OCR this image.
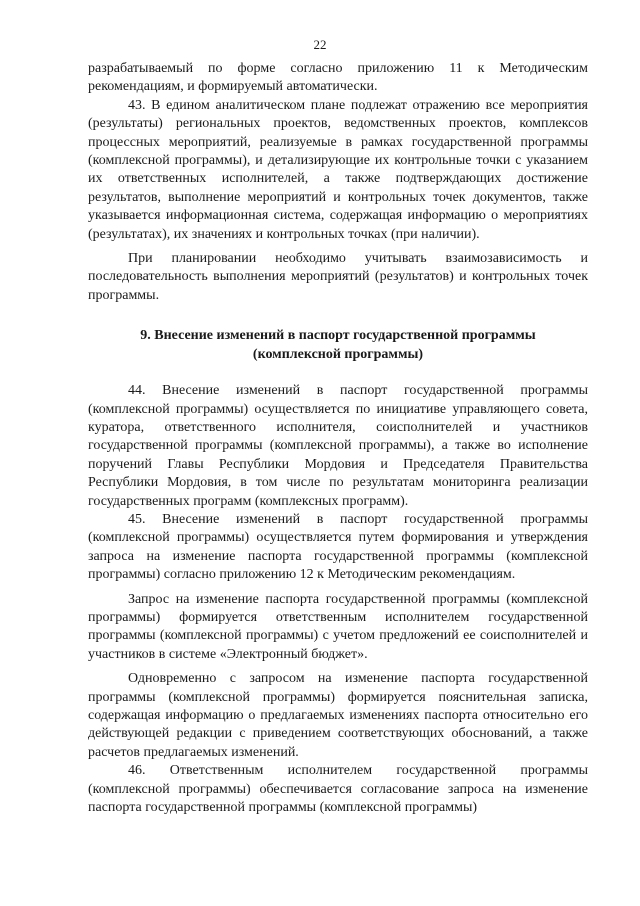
22

разрабатываемый по форме согласно приложению 11 к Методическим рекомендациям, и формируемый автоматически.

43. В едином аналитическом плане подлежат отражению все мероприятия (результаты) региональных проектов, ведомственных проектов, комплексов процессных мероприятий, реализуемые в рамках государственной программы (комплексной программы), и детализирующие их контрольные точки с указанием их ответственных исполнителей, а также подтверждающих достижение результатов, выполнение мероприятий и контрольных точек документов, также указывается информационная система, содержащая информацию о мероприятиях (результатах), их значениях и контрольных точках (при наличии).

При планировании необходимо учитывать взаимозависимость и последовательность выполнения мероприятий (результатов) и контрольных точек программы.

9. Внесение изменений в паспорт государственной программы
(комплексной программы)

44. Внесение изменений в паспорт государственной программы (комплексной программы) осуществляется по инициативе управляющего совета, куратора, ответственного исполнителя, соисполнителей и участников государственной программы (комплексной программы), а также во исполнение поручений Главы Республики Мордовия и Председателя Правительства Республики Мордовия, в том числе по результатам мониторинга реализации государственных программ (комплексных программ).

45. Внесение изменений в паспорт государственной программы (комплексной программы) осуществляется путем формирования и утверждения запроса на изменение паспорта государственной программы (комплексной программы) согласно приложению 12 к Методическим рекомендациям.

Запрос на изменение паспорта государственной программы (комплексной программы) формируется ответственным исполнителем государственной программы (комплексной программы) с учетом предложений ее соисполнителей и участников в системе «Электронный бюджет».

Одновременно с запросом на изменение паспорта государственной программы (комплексной программы) формируется пояснительная записка, содержащая информацию о предлагаемых изменениях паспорта относительно его действующей редакции с приведением соответствующих обоснований, а также расчетов предлагаемых изменений.

46. Ответственным исполнителем государственной программы (комплексной программы) обеспечивается согласование запроса на изменение паспорта государственной программы (комплексной программы)
